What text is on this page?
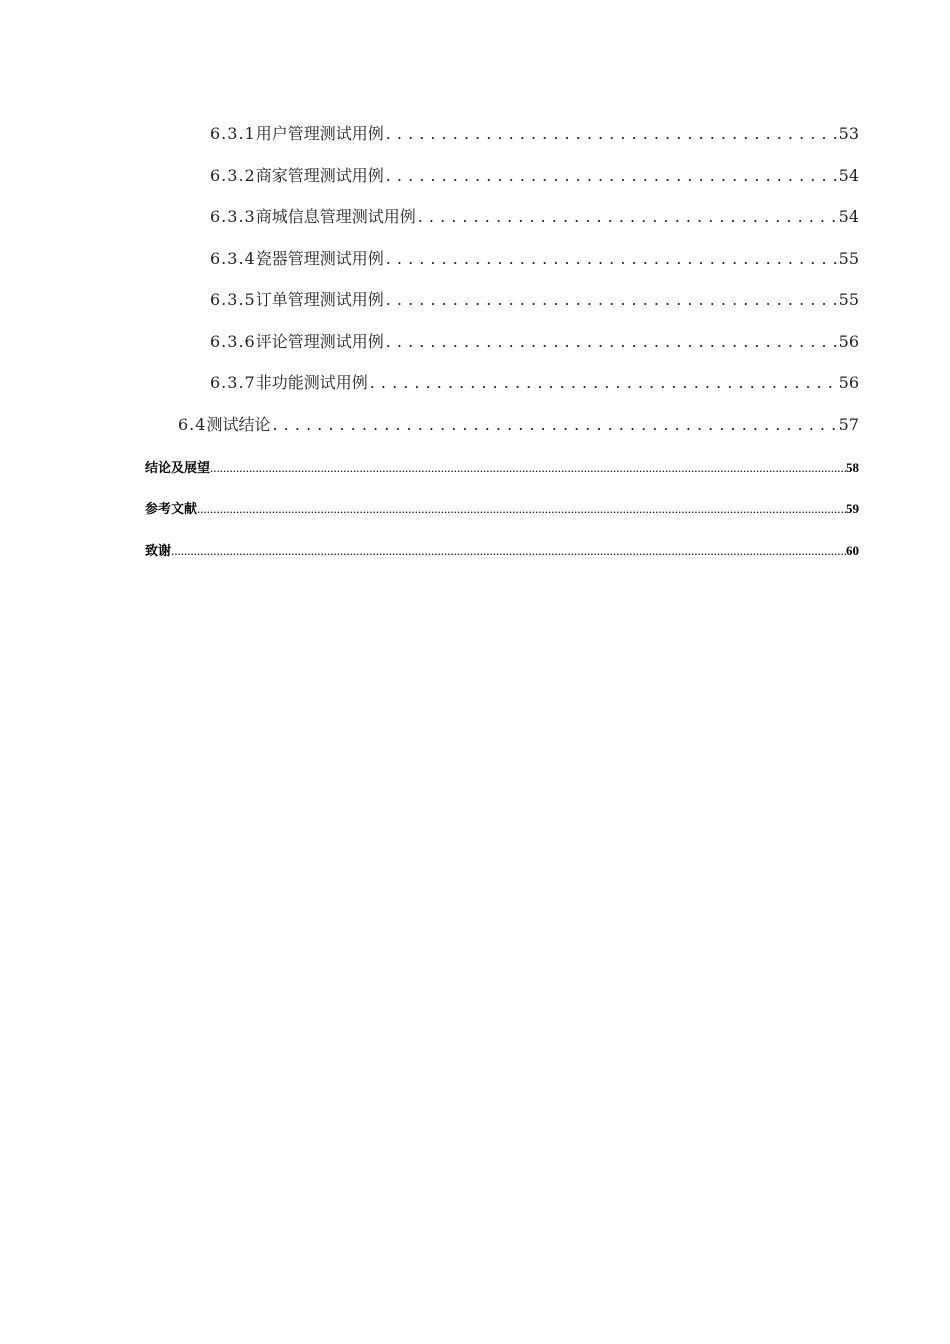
6.3.1 用户管理测试用例 . . .	53
6.3.2 商家管理测试用例 . . .	54
6.3.3 商城信息管理测试用例 . . .	54
6.3.4 瓷器管理测试用例 . . .	55
6.3.5 订单管理测试用例 . . .	55
6.3.6 评论管理测试用例 . . .	56
6.3.7 非功能测试用例 . . .	56
6.4 测试结论 . . .	57
结论及展望 .....	58
参考文献 .....	59
致谢 .....	60
